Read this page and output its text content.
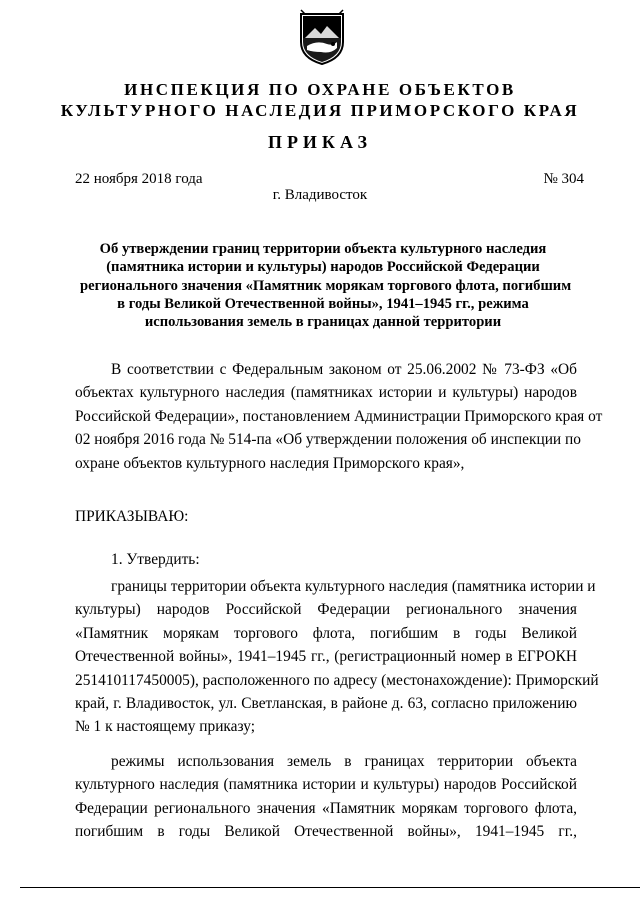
ИНСПЕКЦИЯ ПО ОХРАНЕ ОБЪЕКТОВ
КУЛЬТУРНОГО НАСЛЕДИЯ ПРИМОРСКОГО КРАЯ
ПРИКАЗ
22 ноября 2018 года	№ 304
г. Владивосток
Об утверждении границ территории объекта культурного наследия
(памятника истории и культуры) народов Российской Федерации
регионального значения «Памятник морякам торгового флота, погибшим
в годы Великой Отечественной войны», 1941–1945 гг., режима
использования земель в границах данной территории
В соответствии с Федеральным законом от 25.06.2002 № 73-ФЗ «Об
объектах культурного наследия (памятниках истории и культуры) народов
Российской Федерации», постановлением Администрации Приморского края от
02 ноября 2016 года № 514-па «Об утверждении положения об инспекции по
охране объектов культурного наследия Приморского края»,
ПРИКАЗЫВАЮ:
1. Утвердить:
границы территории объекта культурного наследия (памятника истории и
культуры) народов Российской Федерации регионального значения
«Памятник морякам торгового флота, погибшим в годы Великой
Отечественной войны», 1941–1945 гг., (регистрационный номер в ЕГРОКН
251410117450005), расположенного по адресу (местонахождение): Приморский
край, г. Владивосток, ул. Светланская, в районе д. 63, согласно приложению
№ 1 к настоящему приказу;
режимы использования земель в границах территории объекта
культурного наследия (памятника истории и культуры) народов Российской
Федерации регионального значения «Памятник морякам торгового флота,
погибшим в годы Великой Отечественной войны», 1941–1945 гг.,
